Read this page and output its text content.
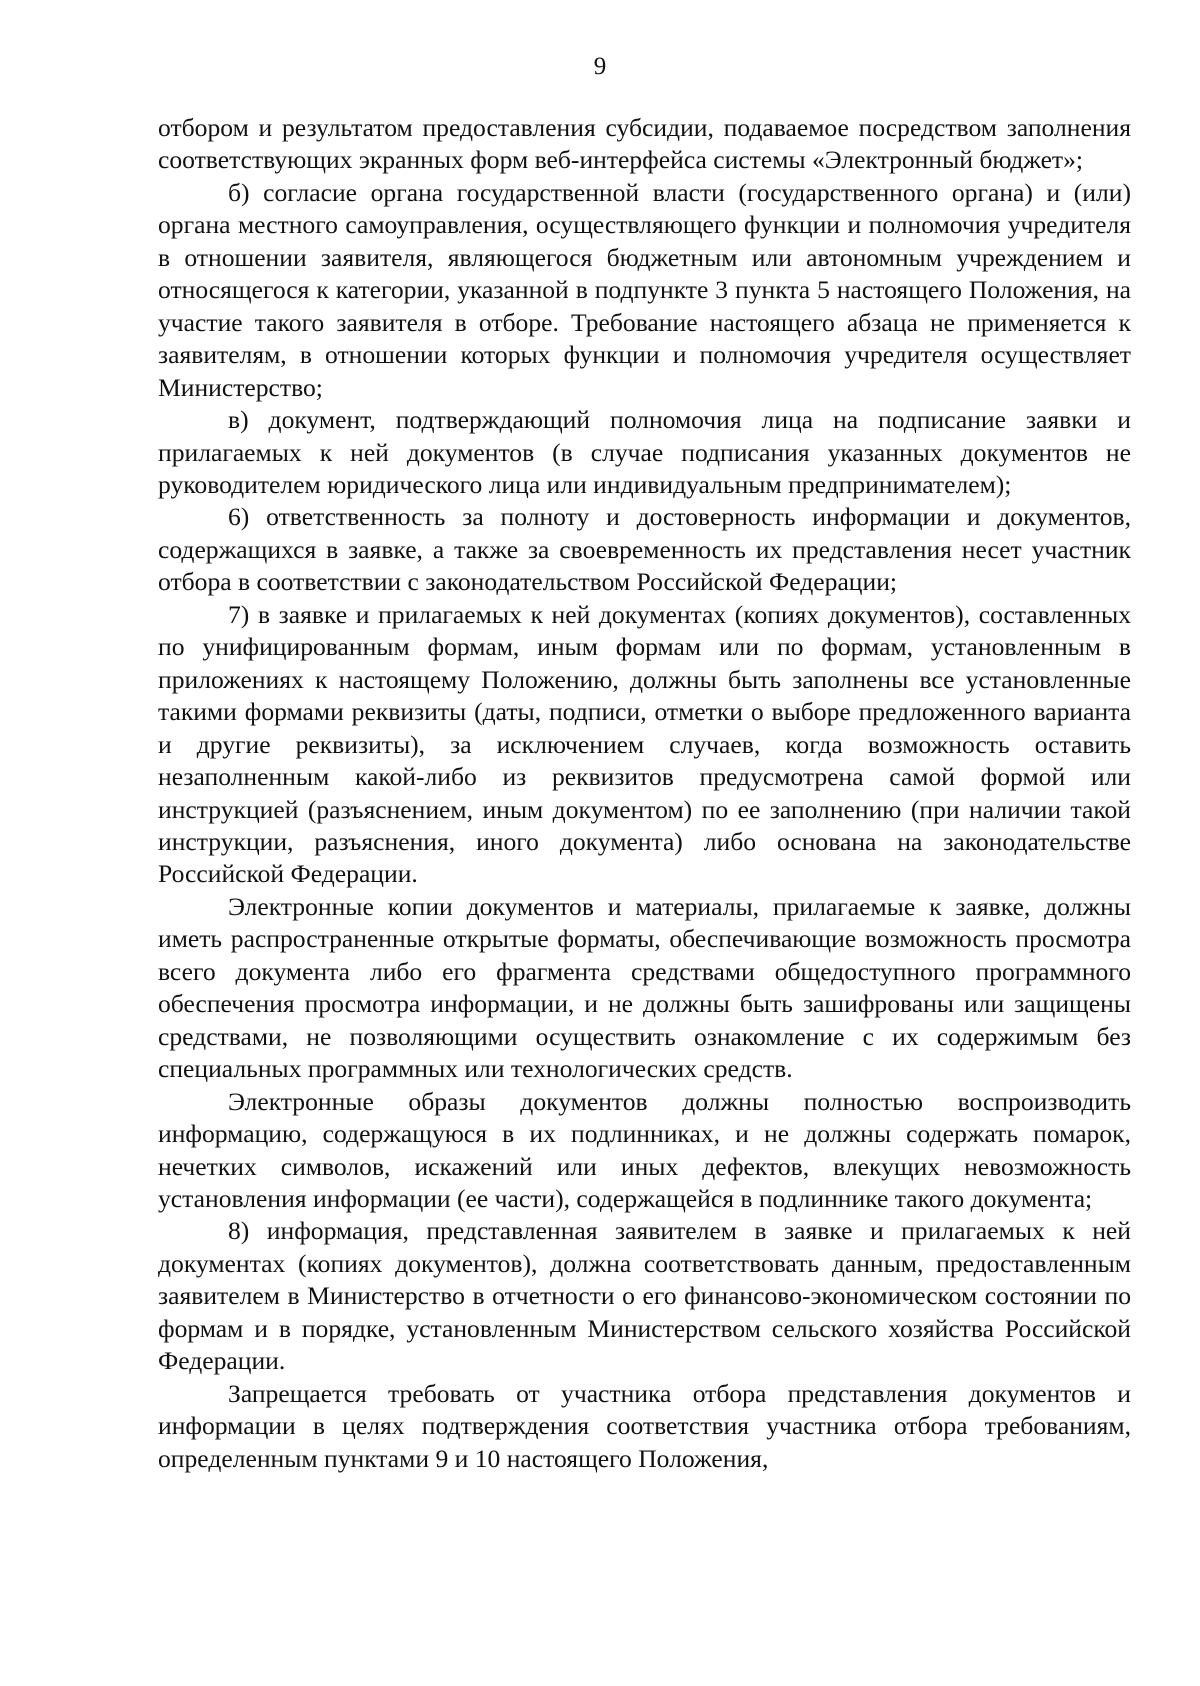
9

отбором и результатом предоставления субсидии, подаваемое посредством заполнения соответствующих экранных форм веб-интерфейса системы «Электронный бюджет»;

б) согласие органа государственной власти (государственного органа) и (или) органа местного самоуправления, осуществляющего функции и полномочия учредителя в отношении заявителя, являющегося бюджетным или автономным учреждением и относящегося к категории, указанной в подпункте 3 пункта 5 настоящего Положения, на участие такого заявителя в отборе. Требование настоящего абзаца не применяется к заявителям, в отношении которых функции и полномочия учредителя осуществляет Министерство;

в) документ, подтверждающий полномочия лица на подписание заявки и прилагаемых к ней документов (в случае подписания указанных документов не руководителем юридического лица или индивидуальным предпринимателем);

6) ответственность за полноту и достоверность информации и документов, содержащихся в заявке, а также за своевременность их представления несет участник отбора в соответствии с законодательством Российской Федерации;

7) в заявке и прилагаемых к ней документах (копиях документов), составленных по унифицированным формам, иным формам или по формам, установленным в приложениях к настоящему Положению, должны быть заполнены все установленные такими формами реквизиты (даты, подписи, отметки о выборе предложенного варианта и другие реквизиты), за исключением случаев, когда возможность оставить незаполненным какой-либо из реквизитов предусмотрена самой формой или инструкцией (разъяснением, иным документом) по ее заполнению (при наличии такой инструкции, разъяснения, иного документа) либо основана на законодательстве Российской Федерации.

Электронные копии документов и материалы, прилагаемые к заявке, должны иметь распространенные открытые форматы, обеспечивающие возможность просмотра всего документа либо его фрагмента средствами общедоступного программного обеспечения просмотра информации, и не должны быть зашифрованы или защищены средствами, не позволяющими осуществить ознакомление с их содержимым без специальных программных или технологических средств.

Электронные образы документов должны полностью воспроизводить информацию, содержащуюся в их подлинниках, и не должны содержать помарок, нечетких символов, искажений или иных дефектов, влекущих невозможность установления информации (ее части), содержащейся в подлиннике такого документа;

8) информация, представленная заявителем в заявке и прилагаемых к ней документах (копиях документов), должна соответствовать данным, предоставленным заявителем в Министерство в отчетности о его финансово-экономическом состоянии по формам и в порядке, установленным Министерством сельского хозяйства Российской Федерации.

Запрещается требовать от участника отбора представления документов и информации в целях подтверждения соответствия участника отбора требованиям, определенным пунктами 9 и 10 настоящего Положения,
